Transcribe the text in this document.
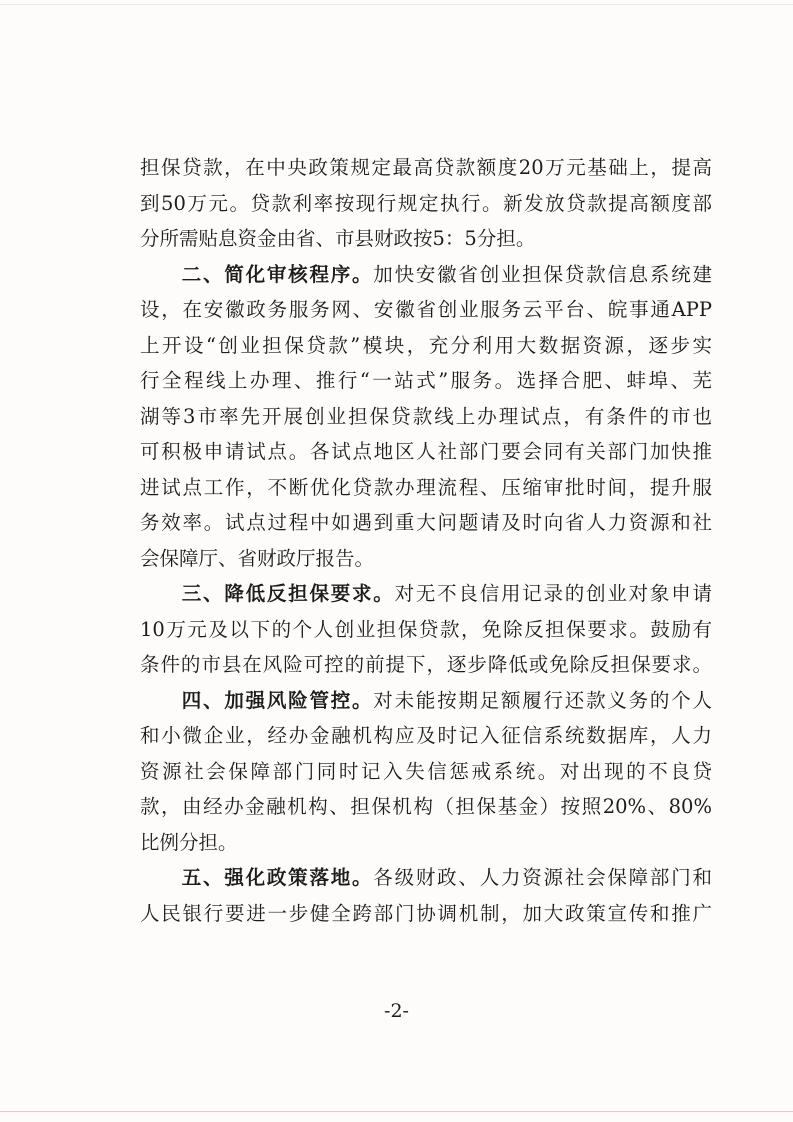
担保贷款，在中央政策规定最高贷款额度20万元基础上，提高
到50万元。贷款利率按现行规定执行。新发放贷款提高额度部
分所需贴息资金由省、市县财政按5：5分担。
二、简化审核程序。加快安徽省创业担保贷款信息系统建
设，在安徽政务服务网、安徽省创业服务云平台、皖事通APP
上开设“创业担保贷款”模块，充分利用大数据资源，逐步实
行全程线上办理、推行“一站式”服务。选择合肥、蚌埠、芜
湖等3市率先开展创业担保贷款线上办理试点，有条件的市也
可积极申请试点。各试点地区人社部门要会同有关部门加快推
进试点工作，不断优化贷款办理流程、压缩审批时间，提升服
务效率。试点过程中如遇到重大问题请及时向省人力资源和社
会保障厅、省财政厅报告。
三、降低反担保要求。对无不良信用记录的创业对象申请
10万元及以下的个人创业担保贷款，免除反担保要求。鼓励有
条件的市县在风险可控的前提下，逐步降低或免除反担保要求。
四、加强风险管控。对未能按期足额履行还款义务的个人
和小微企业，经办金融机构应及时记入征信系统数据库，人力
资源社会保障部门同时记入失信惩戒系统。对出现的不良贷
款，由经办金融机构、担保机构（担保基金）按照20%、80%
比例分担。
五、强化政策落地。各级财政、人力资源社会保障部门和
人民银行要进一步健全跨部门协调机制，加大政策宣传和推广
-2-
